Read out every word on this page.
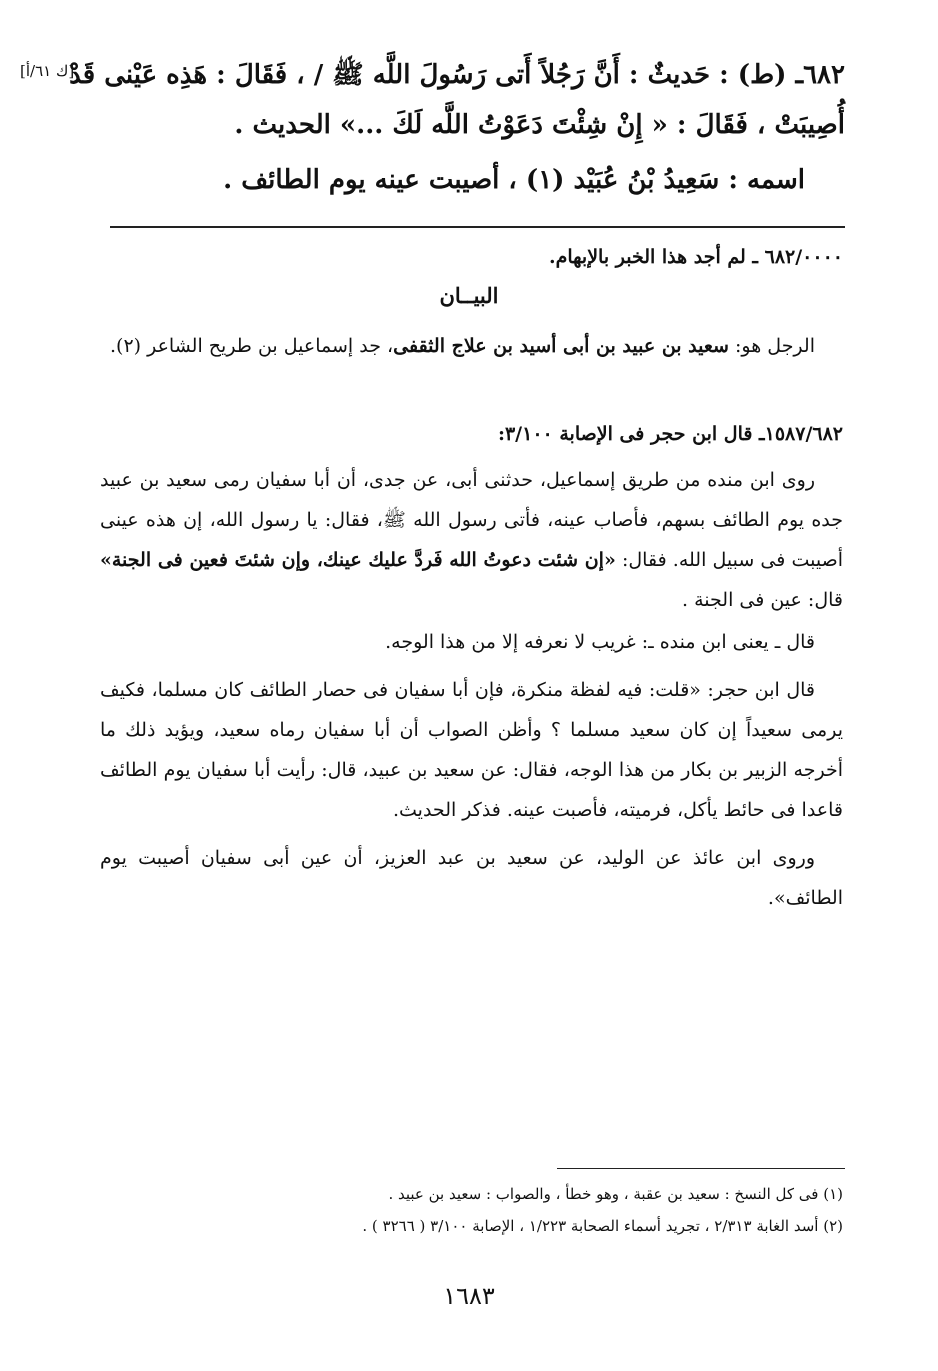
[ك ٦١/أ]
٦٨٢ـ (ط) : حَديثٌ : أَنَّ رَجُلاً أَتى رَسُولَ اللَّه ﷺ / ، فَقَالَ : هَذِه عَيْنى قَدْ
أُصِيبَتْ ، فَقَالَ : « إِنْ شِئْتَ دَعَوْتُ اللَّه لَكَ ...» الحديث .
اسمه : سَعِيدُ بْنُ عُبَيْد (١) ، أصيبت عينه يوم الطائف .
٦٨٢/٠٠٠٠ ـ لم أجد هذا الخبر بالإبهام.
البيــان
الرجل هو: سعيد بن عبيد بن أبى أسيد بن علاج الثقفى، جد إسماعيل بن طريح الشاعر (٢).
١٥٨٧/٦٨٢ـ قال ابن حجر فى الإصابة ٣/١٠٠:
روى ابن منده من طريق إسماعيل، حدثنى أبى، عن جدى، أن أبا سفيان رمى سعيد بن عبيد جده يوم الطائف بسهم، فأصاب عينه، فأتى رسول الله ﷺ، فقال: يا رسول الله، إن هذه عينى أصيبت فى سبيل الله. فقال: «إن شئت دعوتُ الله فَردَّ عليك عينك، وإن شئتَ فعين فى الجنة» قال: عين فى الجنة .
قال ـ يعنى ابن منده ـ: غريب لا نعرفه إلا من هذا الوجه.
قال ابن حجر: «قلت: فيه لفظة منكرة، فإن أبا سفيان فى حصار الطائف كان مسلما، فكيف يرمى سعيداً إن كان سعيد مسلما ؟ وأظن الصواب أن أبا سفيان رماه سعيد، ويؤيد ذلك ما أخرجه الزبير بن بكار من هذا الوجه، فقال: عن سعيد بن عبيد، قال: رأيت أبا سفيان يوم الطائف قاعدا فى حائط يأكل، فرميته، فأصبت عينه. فذكر الحديث.
وروى ابن عائذ عن الوليد، عن سعيد بن عبد العزيز، أن عين أبى سفيان أصيبت يوم الطائف».
(١) فى كل النسخ : سعيد بن عقبة ، وهو خطأ ، والصواب : سعيد بن عبيد .
(٢) أسد الغابة ٢/٣١٣ ، تجريد أسماء الصحابة ١/٢٢٣ ، الإصابة ٣/١٠٠ ( ٣٢٦٦ ) .
١٦٨٣
